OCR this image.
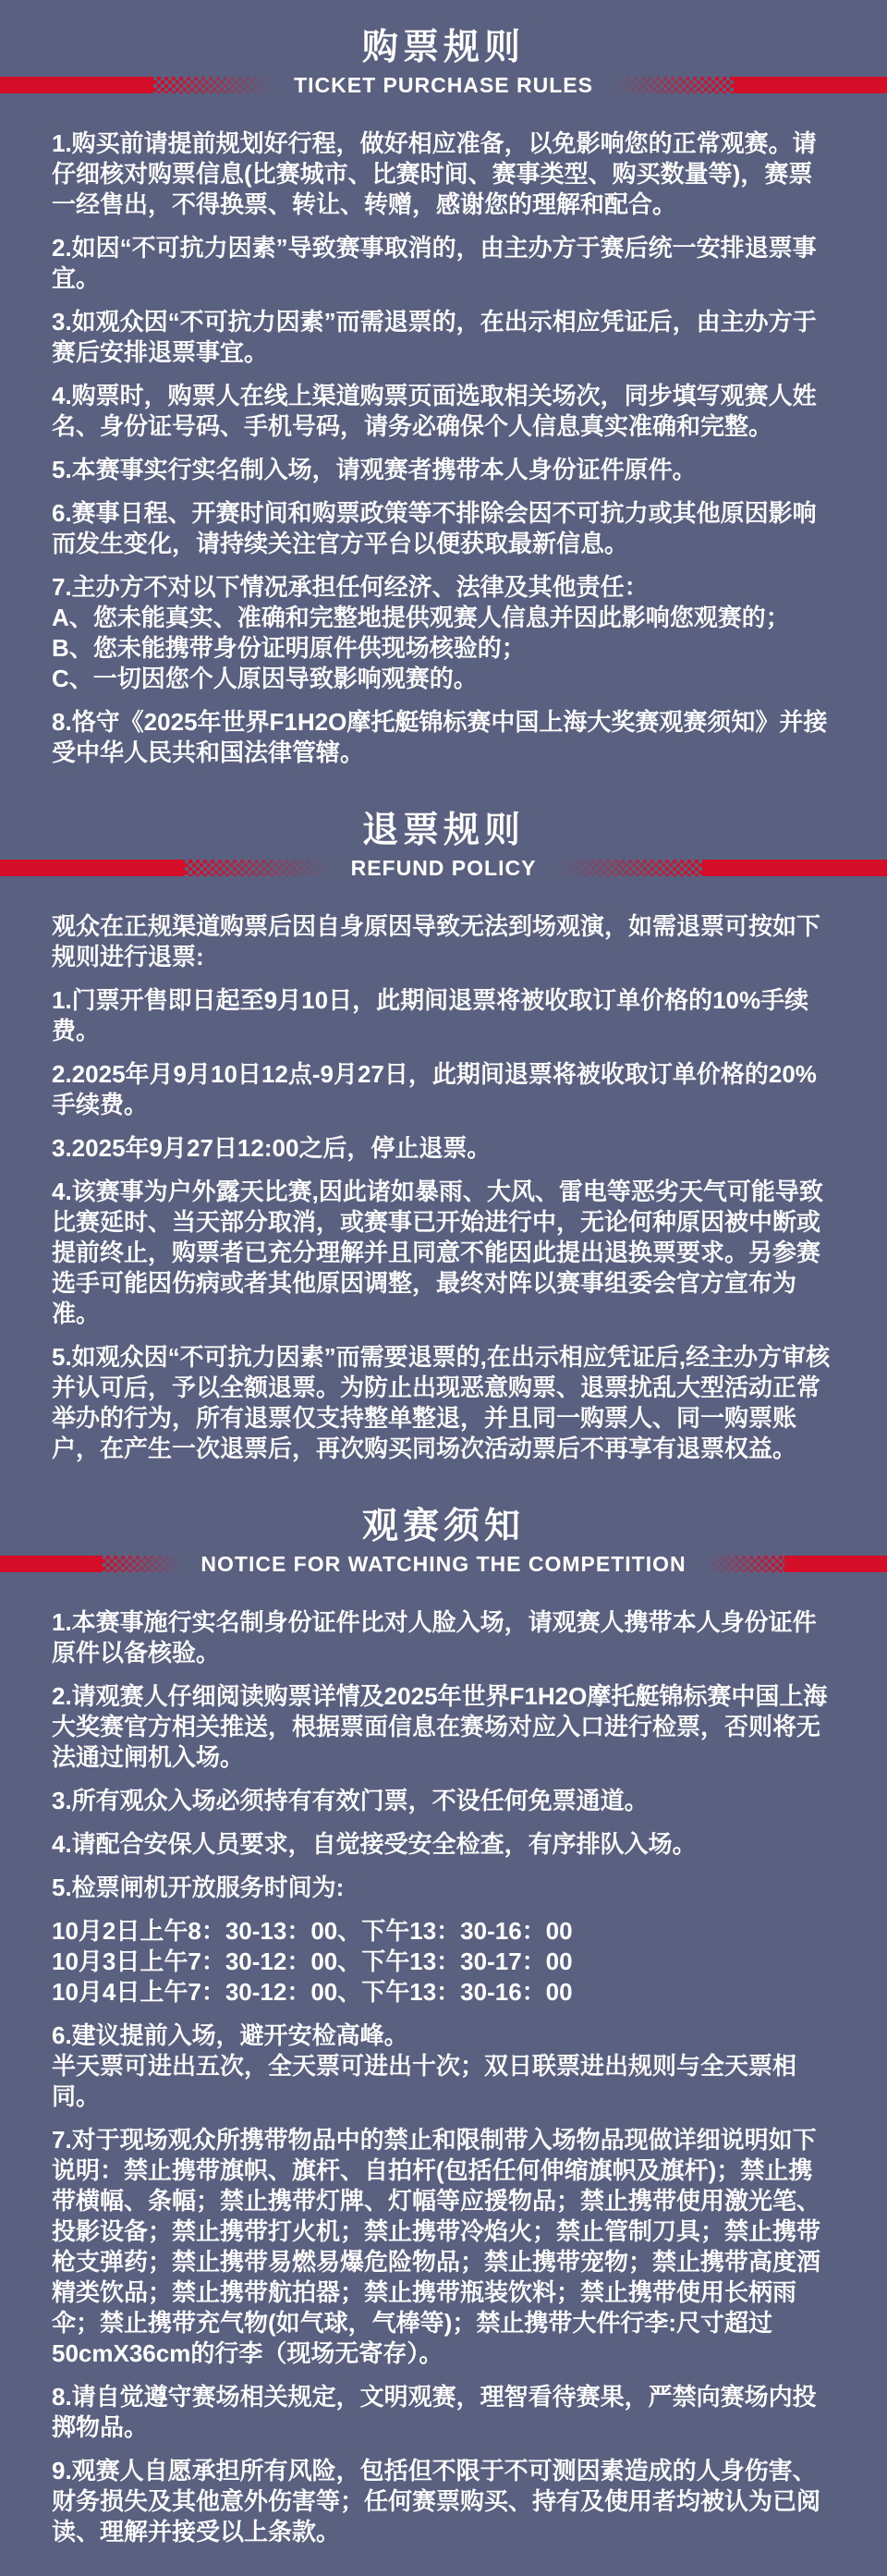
购票规则
TICKET PURCHASE RULES

1.购买前请提前规划好行程，做好相应准备，以免影响您的正常观赛。请仔细核对购票信息(比赛城市、比赛时间、赛事类型、购买数量等)，赛票一经售出，不得换票、转让、转赠，感谢您的理解和配合。

2.如因“不可抗力因素”导致赛事取消的，由主办方于赛后统一安排退票事宜。

3.如观众因“不可抗力因素”而需退票的，在出示相应凭证后，由主办方于赛后安排退票事宜。

4.购票时，购票人在线上渠道购票页面选取相关场次，同步填写观赛人姓名、身份证号码、手机号码，请务必确保个人信息真实准确和完整。

5.本赛事实行实名制入场，请观赛者携带本人身份证件原件。

6.赛事日程、开赛时间和购票政策等不排除会因不可抗力或其他原因影响而发生变化，请持续关注官方平台以便获取最新信息。

7.主办方不对以下情况承担任何经济、法律及其他责任：

A、您未能真实、准确和完整地提供观赛人信息并因此影响您观赛的；

B、您未能携带身份证明原件供现场核验的；

C、一切因您个人原因导致影响观赛的。

8.恪守《2025年世界F1H2O摩托艇锦标赛中国上海大奖赛观赛须知》并接受中华人民共和国法律管辖。

退票规则
REFUND POLICY

观众在正规渠道购票后因自身原因导致无法到场观演，如需退票可按如下规则进行退票:

1.门票开售即日起至9月10日，此期间退票将被收取订单价格的10%手续费。

2.2025年月9月10日12点-9月27日，此期间退票将被收取订单价格的20% 手续费。

3.2025年9月27日12:00之后，停止退票。

4.该赛事为户外露天比赛,因此诸如暴雨、大风、雷电等恶劣天气可能导致比赛延时、当天部分取消，或赛事已开始进行中，无论何种原因被中断或提前终止，购票者已充分理解并且同意不能因此提出退换票要求。另参赛选手可能因伤病或者其他原因调整，最终对阵以赛事组委会官方宣布为准。

5.如观众因“不可抗力因素”而需要退票的,在出示相应凭证后,经主办方审核并认可后，予以全额退票。为防止出现恶意购票、退票扰乱大型活动正常举办的行为，所有退票仅支持整单整退，并且同一购票人、同一购票账户，在产生一次退票后，再次购买同场次活动票后不再享有退票权益。

观赛须知
NOTICE FOR WATCHING THE COMPETITION

1.本赛事施行实名制身份证件比对人脸入场，请观赛人携带本人身份证件原件以备核验。

2.请观赛人仔细阅读购票详情及2025年世界F1H2O摩托艇锦标赛中国上海大奖赛官方相关推送，根据票面信息在赛场对应入口进行检票，否则将无法通过闸机入场。

3.所有观众入场必须持有有效门票，不设任何免票通道。

4.请配合安保人员要求，自觉接受安全检查，有序排队入场。

5.检票闸机开放服务时间为:

10月2日上午8：30-13：00、下午13：30-16：00

10月3日上午7：30-12：00、下午13：30-17：00

10月4日上午7：30-12：00、下午13：30-16：00

6.建议提前入场，避开安检高峰。

半天票可进出五次，全天票可进出十次；双日联票进出规则与全天票相同。

7.对于现场观众所携带物品中的禁止和限制带入场物品现做详细说明如下说明：禁止携带旗帜、旗杆、自拍杆(包括任何伸缩旗帜及旗杆)；禁止携带横幅、条幅；禁止携带灯牌、灯幅等应援物品；禁止携带使用激光笔、投影设备；禁止携带打火机；禁止携带冷焰火；禁止管制刀具；禁止携带枪支弹药；禁止携带易燃易爆危险物品；禁止携带宠物；禁止携带高度酒精类饮品；禁止携带航拍器；禁止携带瓶装饮料；禁止携带使用长柄雨伞；禁止携带充气物(如气球，气棒等)；禁止携带大件行李:尺寸超过50cmX36cm的行李（现场无寄存）。

8.请自觉遵守赛场相关规定，文明观赛，理智看待赛果，严禁向赛场内投掷物品。

9.观赛人自愿承担所有风险，包括但不限于不可测因素造成的人身伤害、财务损失及其他意外伤害等；任何赛票购买、持有及使用者均被认为已阅读、理解并接受以上条款。
